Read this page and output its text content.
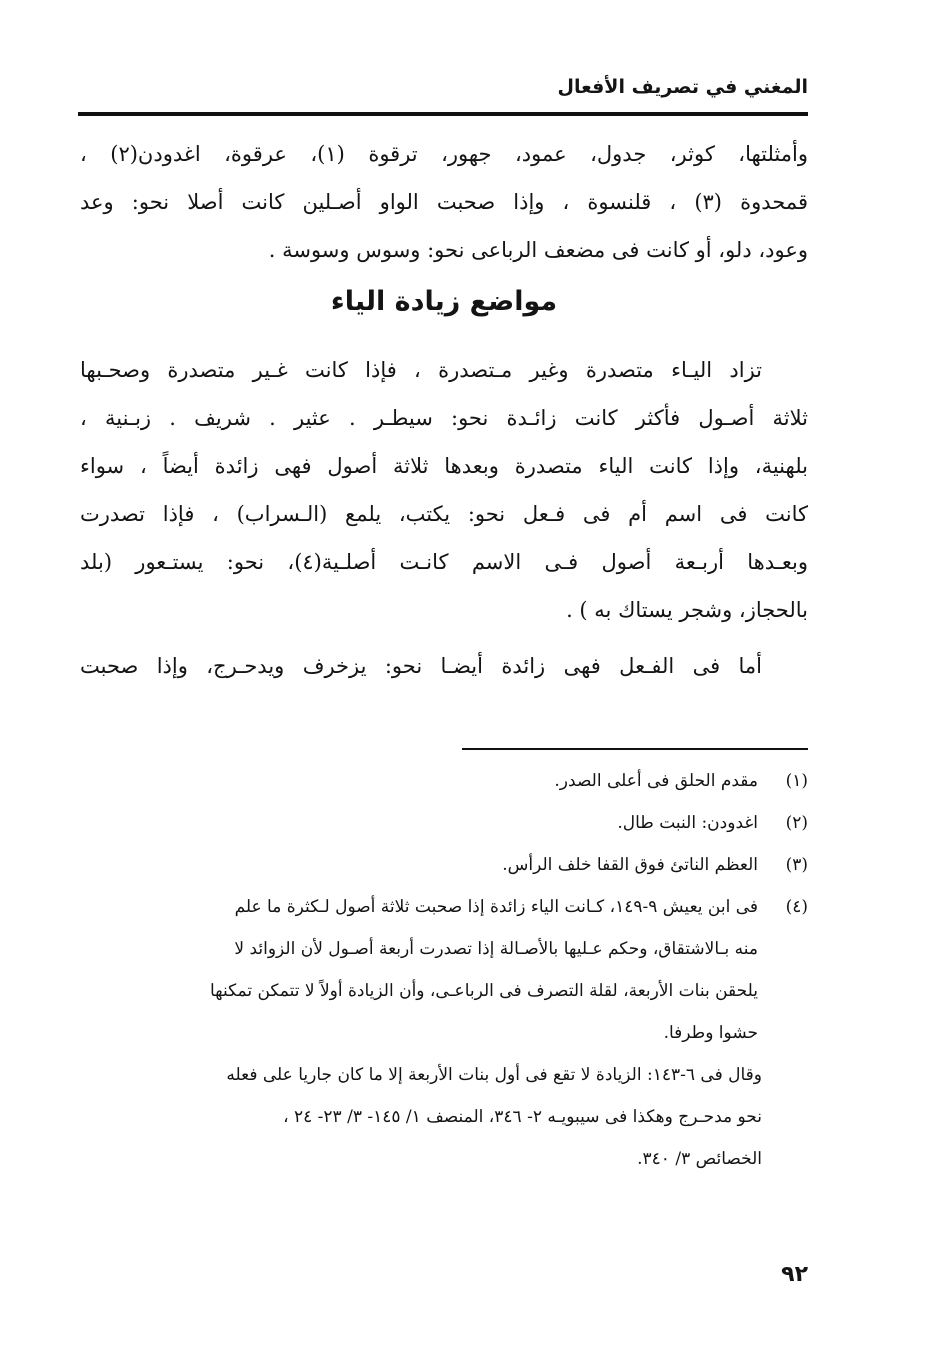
المغني في تصريف الأفعال
وأمثلتها، كوثر، جدول، عمود، جهور، ترقوة (١)، عرقوة، اغدودن(٢) ،
قمحدوة (٣) ، قلنسوة ، وإذا صحبت الواو أصـلين كانت أصلا نحو: وعد
وعود، دلو، أو كانت فى مضعف الرباعى نحو: وسوس وسوسة .
مواضع زيادة الياء
تزاد اليـاء متصدرة وغير مـتصدرة ، فإذا كانت غـير متصدرة وصحـبها
ثلاثة أصـول فأكثر كانت زائـدة نحو: سيطـر . عثير . شريف . زبـنية ،
بلهنية، وإذا كانت الياء متصدرة وبعدها ثلاثة أصول فهى زائدة أيضاً ، سواء
كانت فى اسم أم فى فـعل نحو: يكتب، يلمع (الـسراب) ، فإذا تصدرت
وبعـدها أربـعة أصول فـى الاسم كانـت أصلـية(٤)، نحو: يستـعور (بلد
بالحجاز، وشجر يستاك به ) .
أما فى الفـعل فهى زائدة أيضـا نحو: يزخرف ويدحـرج، وإذا صحبت
(١)مقدم الحلق فى أعلى الصدر.
(٢)اغدودن: النبت طال.
(٣)العظم الناتئ فوق القفا خلف الرأس.
(٤)فى ابن يعيش ٩-١٤٩، كـانت الياء زائدة إذا صحبت ثلاثة أصول لـكثرة ما علم
منه بـالاشتقاق، وحكم عـليها بالأصـالة إذا تصدرت أربعة أصـول لأن الزوائد لا
يلحقن بنات الأربعة، لقلة التصرف فى الرباعـى، وأن الزيادة أولاً لا تتمكن تمكنها
حشوا وطرفا.
وقال فى ٦-١٤٣: الزيادة لا تقع فى أول بنات الأربعة إلا ما كان جاريا على فعله
نحو مدحـرج وهكذا فى سيبويـه ٢- ٣٤٦، المنصف ١/ ١٤٥- ٣/ ٢٣- ٢٤ ،
الخصائص ٣/ ٣٤٠.
٩٢
